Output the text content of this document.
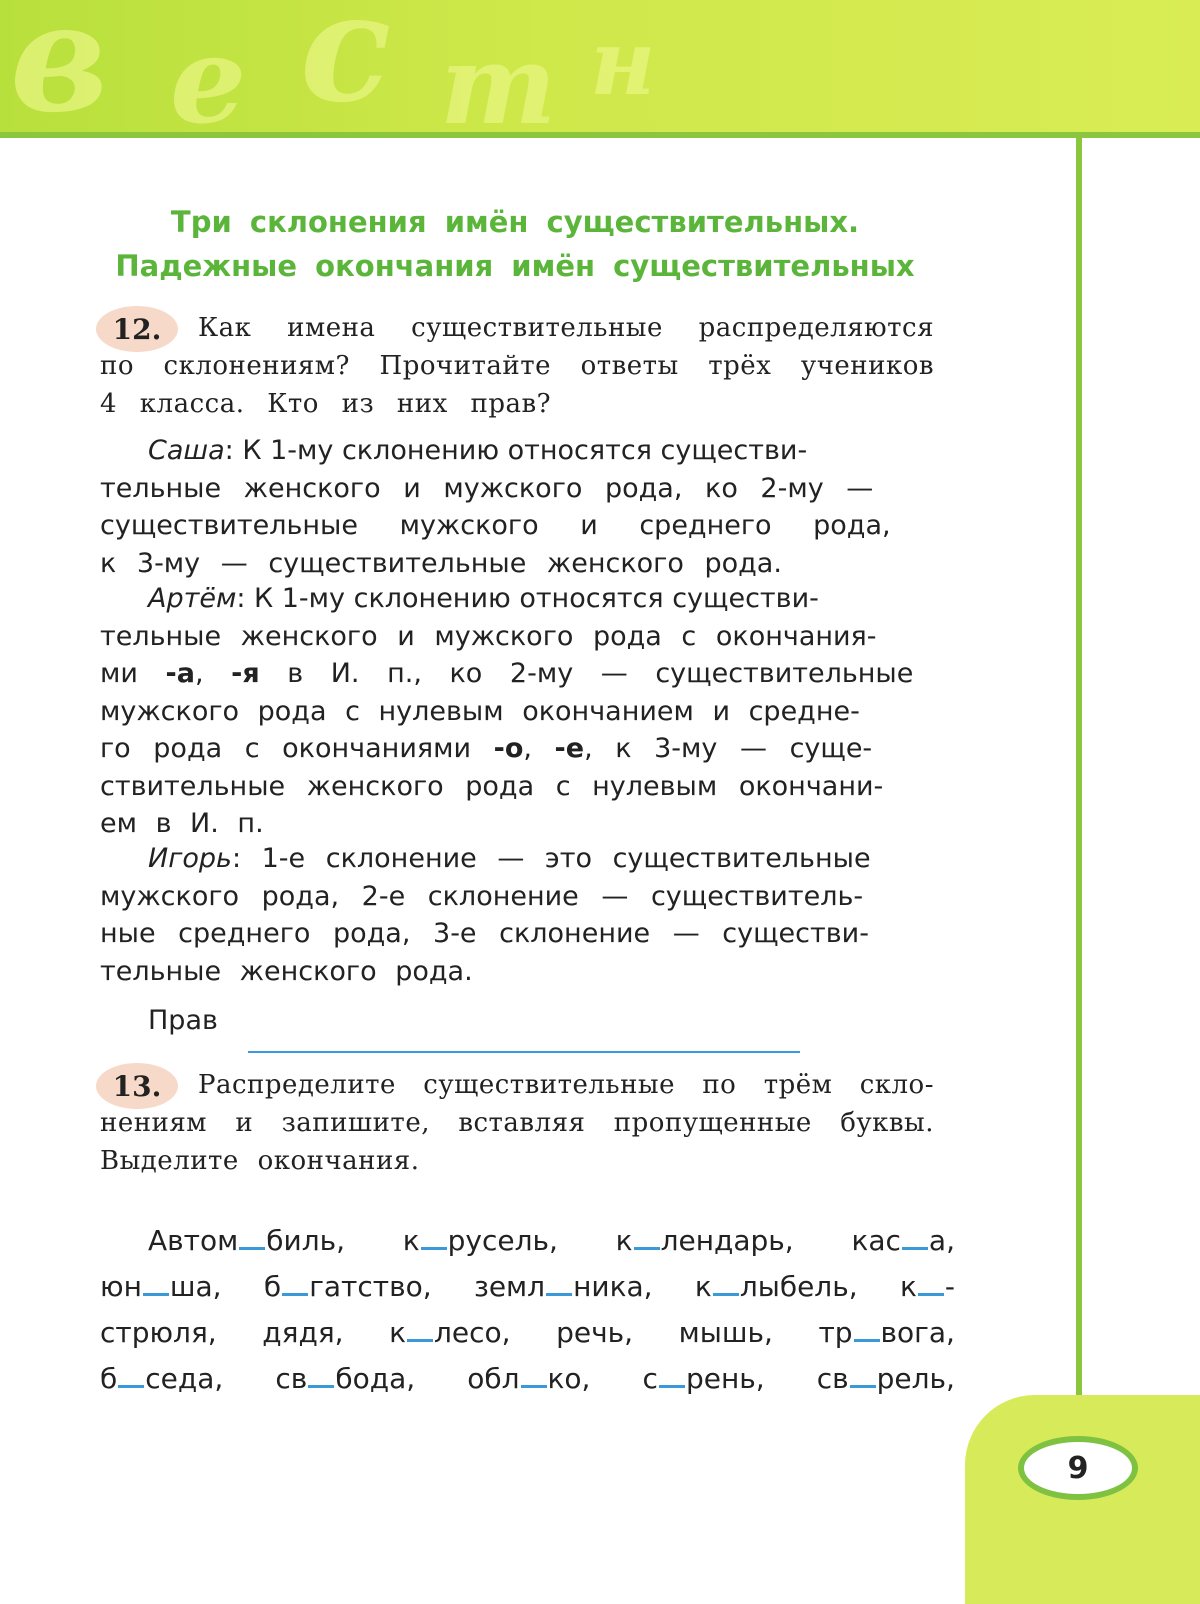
в е с т н
Три склонения имён существительных.
Падежные окончания имён существительных
12.	Как имена существительные распределяются
по склонениям? Прочитайте ответы трёх учеников
4 класса. Кто из них прав?
Саша: К 1-му склонению относятся существи-
тельные женского и мужского рода, ко 2-му —
существительные мужского и среднего рода,
к 3-му — существительные женского рода.
Артём: К 1-му склонению относятся существи-
тельные женского и мужского рода с окончания-
ми -а, -я в И. п., ко 2-му — существительные
мужского рода с нулевым окончанием и средне-
го рода с окончаниями -о, -е, к 3-му — суще-
ствительные женского рода с нулевым окончани-
ем в И. п.
Игорь: 1-е склонение — это существительные
мужского рода, 2-е склонение — существитель-
ные среднего рода, 3-е склонение — существи-
тельные женского рода.
Прав
13.	Распределите существительные по трём скло-
нениям и запишите, вставляя пропущенные буквы.
Выделите окончания.
Автом биль, к русель, к лендарь, кас а,
юн ша, б гатство, земл ника, к лыбель, к -
стрюля, дядя, к лесо, речь, мышь, тр вога,
б седа, св бода, обл ко, с рень, св рель,
9
